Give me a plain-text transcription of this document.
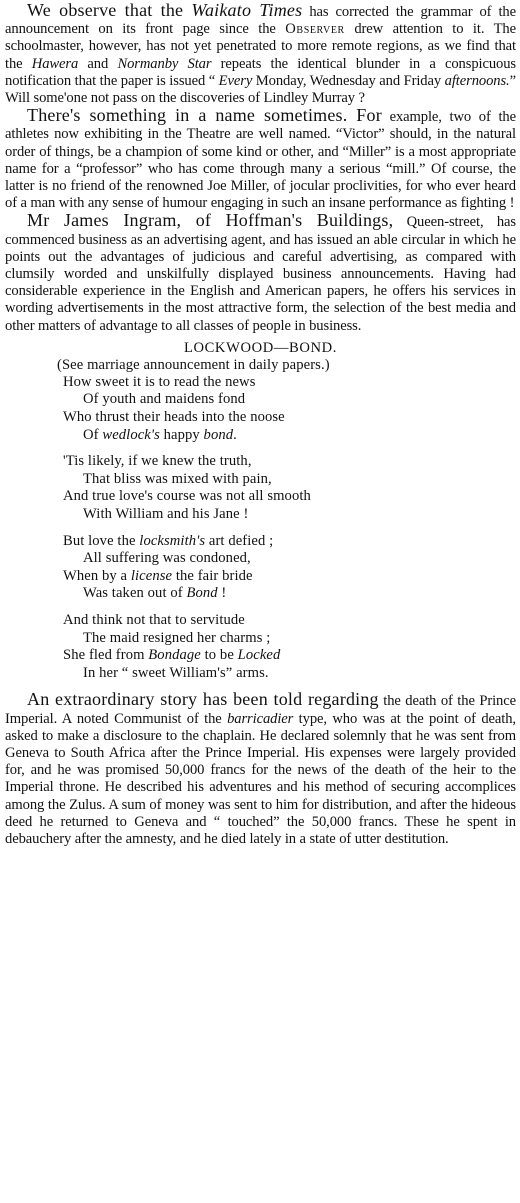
We observe that the Waikato Times has corrected the grammar of the announcement on its front page since the Observer drew attention to it. The schoolmaster, however, has not yet penetrated to more remote regions, as we find that the Hawera and Normanby Star repeats the identical blunder in a conspicuous notification that the paper is issued “ Every Monday, Wednesday and Friday afternoons.” Will some'one not pass on the discoveries of Lindley Murray ?

There's something in a name sometimes. For example, two of the athletes now exhibiting in the Theatre are well named. “Victor” should, in the natural order of things, be a champion of some kind or other, and “Miller” is a most appropriate name for a “professor” who has come through many a serious “mill.” Of course, the latter is no friend of the renowned Joe Miller, of jocular proclivities, for who ever heard of a man with any sense of humour engaging in such an insane performance as fighting !

Mr James Ingram, of Hoffman's Buildings, Queen-street, has commenced business as an advertising agent, and has issued an able circular in which he points out the advantages of judicious and careful advertising, as compared with clumsily worded and unskilfully displayed business announcements. Having had considerable experience in the English and American papers, he offers his services in wording advertisements in the most attractive form, the selection of the best media and other matters of advantage to all classes of people in business.

LOCKWOOD—BOND.
(See marriage announcement in daily papers.)
How sweet it is to read the news
Of youth and maidens fond
Who thrust their heads into the noose
Of wedlock's happy bond.
'Tis likely, if we knew the truth,
That bliss was mixed with pain,
And true love's course was not all smooth
With William and his Jane !
But love the locksmith's art defied ;
All suffering was condoned,
When by a license the fair bride
Was taken out of Bond !
And think not that to servitude
The maid resigned her charms ;
She fled from Bondage to be Locked
In her “ sweet William's” arms.

An extraordinary story has been told regarding the death of the Prince Imperial. A noted Communist of the barricadier type, who was at the point of death, asked to make a disclosure to the chaplain. He declared solemnly that he was sent from Geneva to South Africa after the Prince Imperial. His expenses were largely provided for, and he was promised 50,000 francs for the news of the death of the heir to the Imperial throne. He described his adventures and his method of securing accomplices among the Zulus. A sum of money was sent to him for distribution, and after the hideous deed he returned to Geneva and “ touched” the 50,000 francs. These he spent in debauchery after the amnesty, and he died lately in a state of utter destitution.
